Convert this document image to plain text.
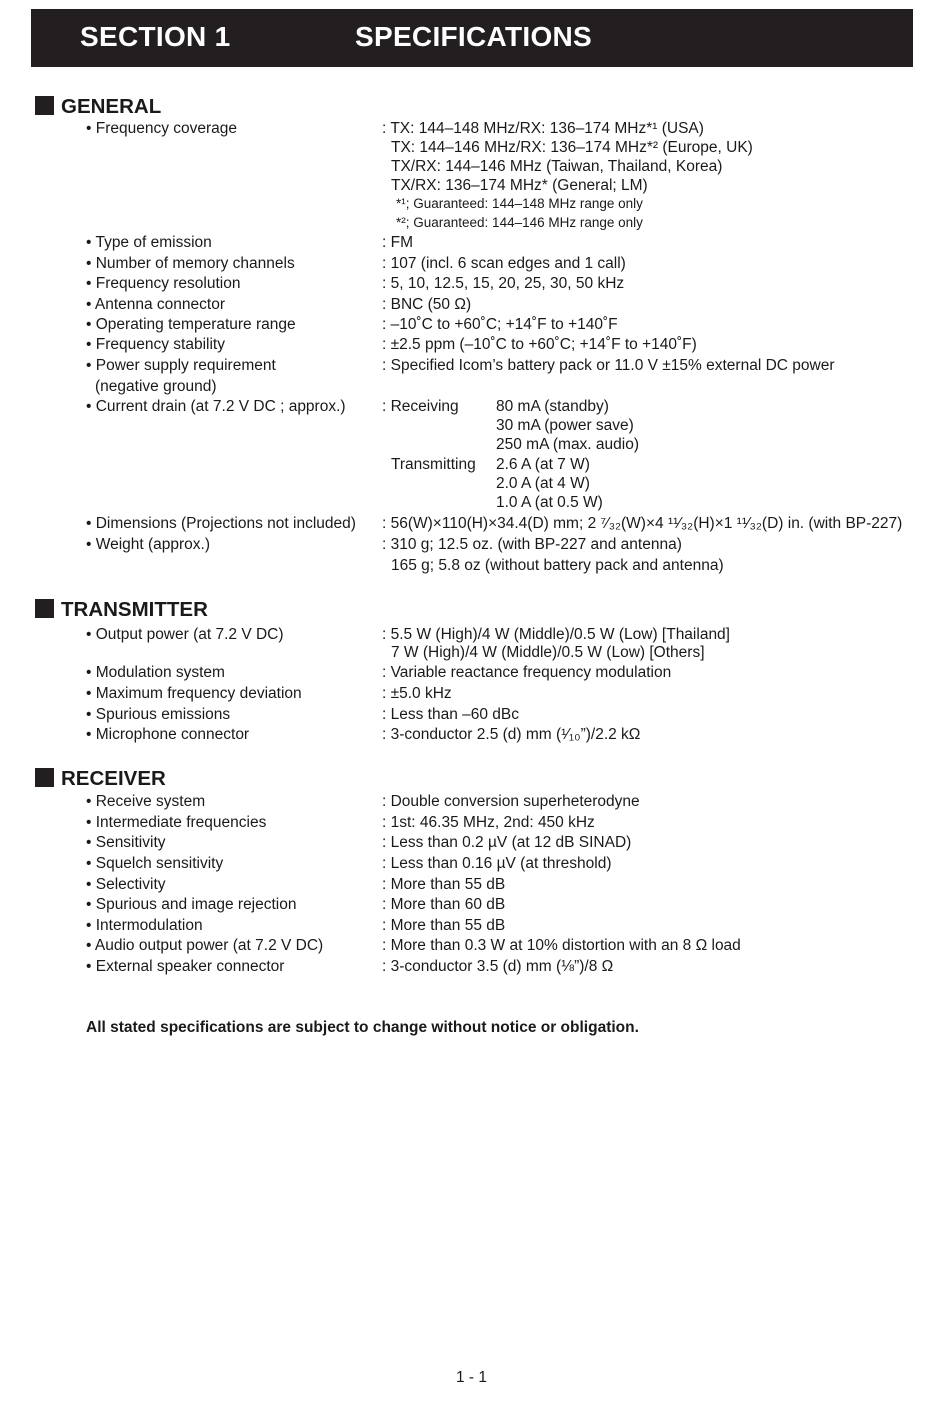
SECTION 1	SPECIFICATIONS
GENERAL
• Frequency coverage	: TX: 144–148 MHz/RX: 136–174 MHz*¹ (USA)
TX: 144–146 MHz/RX: 136–174 MHz*² (Europe, UK)
TX/RX: 144–146 MHz (Taiwan, Thailand, Korea)
TX/RX: 136–174 MHz* (General; LM)
*¹; Guaranteed: 144–148 MHz range only
*²; Guaranteed: 144–146 MHz range only
• Type of emission	: FM
• Number of memory channels	: 107 (incl. 6 scan edges and 1 call)
• Frequency resolution	: 5, 10, 12.5, 15, 20, 25, 30, 50 kHz
• Antenna connector	: BNC (50 Ω)
• Operating temperature range	: –10˚C to +60˚C; +14˚F to +140˚F
• Frequency stability	: ±2.5 ppm (–10˚C to +60˚C; +14˚F to +140˚F)
• Power supply requirement	: Specified Icom’s battery pack or 11.0 V ±15% external DC power
(negative ground)
• Current drain (at 7.2 V DC ; approx.) : Receiving 80 mA (standby)
30 mA (power save)
250 mA (max. audio)
Transmitting 2.6 A (at 7 W)
2.0 A (at 4 W)
1.0 A (at 0.5 W)
• Dimensions (Projections not included) : 56(W)×110(H)×34.4(D) mm; 2 ⁷⁄₃₂(W)×4 ¹¹⁄₃₂(H)×1 ¹¹⁄₃₂(D) in. (with BP-227)
• Weight (approx.)	: 310 g; 12.5 oz. (with BP-227 and antenna)
165 g; 5.8 oz (without battery pack and antenna)
TRANSMITTER
• Output power (at 7.2 V DC)	: 5.5 W (High)/4 W (Middle)/0.5 W (Low) [Thailand]
7 W (High)/4 W (Middle)/0.5 W (Low) [Others]
• Modulation system	: Variable reactance frequency modulation
• Maximum frequency deviation	: ±5.0 kHz
• Spurious emissions	: Less than –60 dBc
• Microphone connector	: 3-conductor 2.5 (d) mm (¹⁄₁₀”)/2.2 kΩ
RECEIVER
• Receive system	: Double conversion superheterodyne
• Intermediate frequencies	: 1st: 46.35 MHz, 2nd: 450 kHz
• Sensitivity	: Less than 0.2 µV (at 12 dB SINAD)
• Squelch sensitivity	: Less than 0.16 µV (at threshold)
• Selectivity	: More than 55 dB
• Spurious and image rejection	: More than 60 dB
• Intermodulation	: More than 55 dB
• Audio output power (at 7.2 V DC)	: More than 0.3 W at 10% distortion with an 8 Ω load
• External speaker connector	: 3-conductor 3.5 (d) mm (⅛”)/8 Ω
All stated specifications are subject to change without notice or obligation.
1 - 1
